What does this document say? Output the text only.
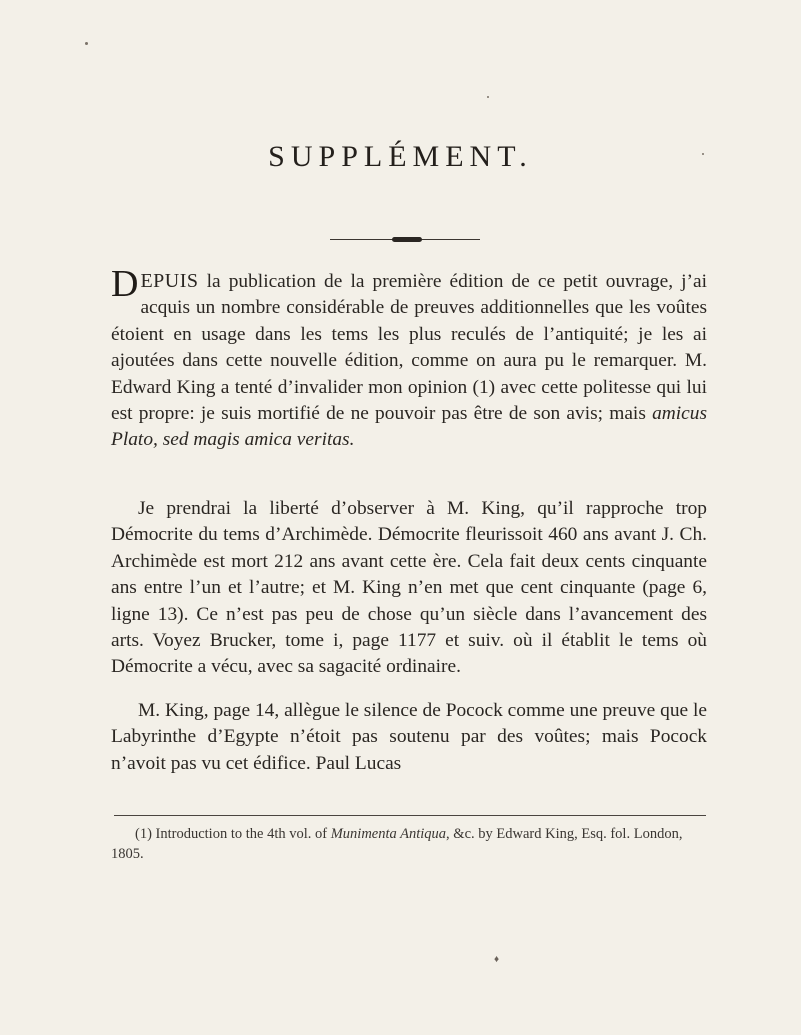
SUPPLÉMENT.
DEPUIS la publication de la première édition de ce petit ouvrage, j’ai acquis un nombre considérable de preuves additionnelles que les voûtes étoient en usage dans les tems les plus reculés de l’antiquité; je les ai ajoutées dans cette nouvelle édition, comme on aura pu le remarquer. M. Edward King a tenté d’invalider mon opinion (1) avec cette politesse qui lui est propre: je suis mortifié de ne pouvoir pas être de son avis; mais amicus Plato, sed magis amica veritas.
Je prendrai la liberté d’observer à M. King, qu’il rapproche trop Démocrite du tems d’Archimède. Démocrite fleurissoit 460 ans avant J. Ch. Archimède est mort 212 ans avant cette ère. Cela fait deux cents cinquante ans entre l’un et l’autre; et M. King n’en met que cent cinquante (page 6, ligne 13). Ce n’est pas peu de chose qu’un siècle dans l’avancement des arts. Voyez Brucker, tome i, page 1177 et suiv. où il établit le tems où Démocrite a vécu, avec sa sagacité ordinaire.
M. King, page 14, allègue le silence de Pocock comme une preuve que le Labyrinthe d’Egypte n’étoit pas soutenu par des voûtes; mais Pocock n’avoit pas vu cet édifice. Paul Lucas
(1) Introduction to the 4th vol. of Munimenta Antiqua, &c. by Edward King, Esq. fol. London, 1805.
♦
